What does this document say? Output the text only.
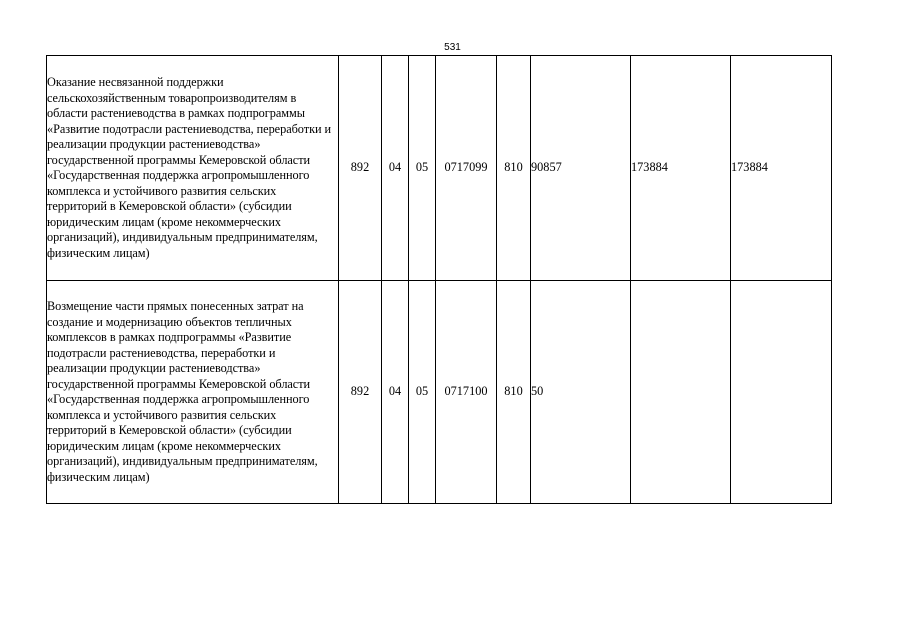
531
Оказание несвязанной поддержки сельскохозяйственным товаропроизводителям в области растениеводства в рамках подпрограммы «Развитие подотрасли растениеводства, переработки и реализации продукции растениеводства» государственной программы Кемеровской области «Государственная поддержка агропромышленного комплекса и устойчивого развития сельских территорий в Кемеровской области» (субсидии юридическим лицам (кроме некоммерческих организаций), индивидуальным предпринимателям, физическим лицам)	892	04	05	0717099	810	90857	173884	173884
Возмещение части прямых понесенных затрат на создание и модернизацию объектов тепличных комплексов в рамках подпрограммы «Развитие подотрасли растениеводства, переработки и реализации продукции растениеводства» государственной программы Кемеровской области «Государственная поддержка агропромышленного комплекса и устойчивого развития сельских территорий в Кемеровской области» (субсидии юридическим лицам (кроме некоммерческих организаций), индивидуальным предпринимателям, физическим лицам)	892	04	05	0717100	810	50		
